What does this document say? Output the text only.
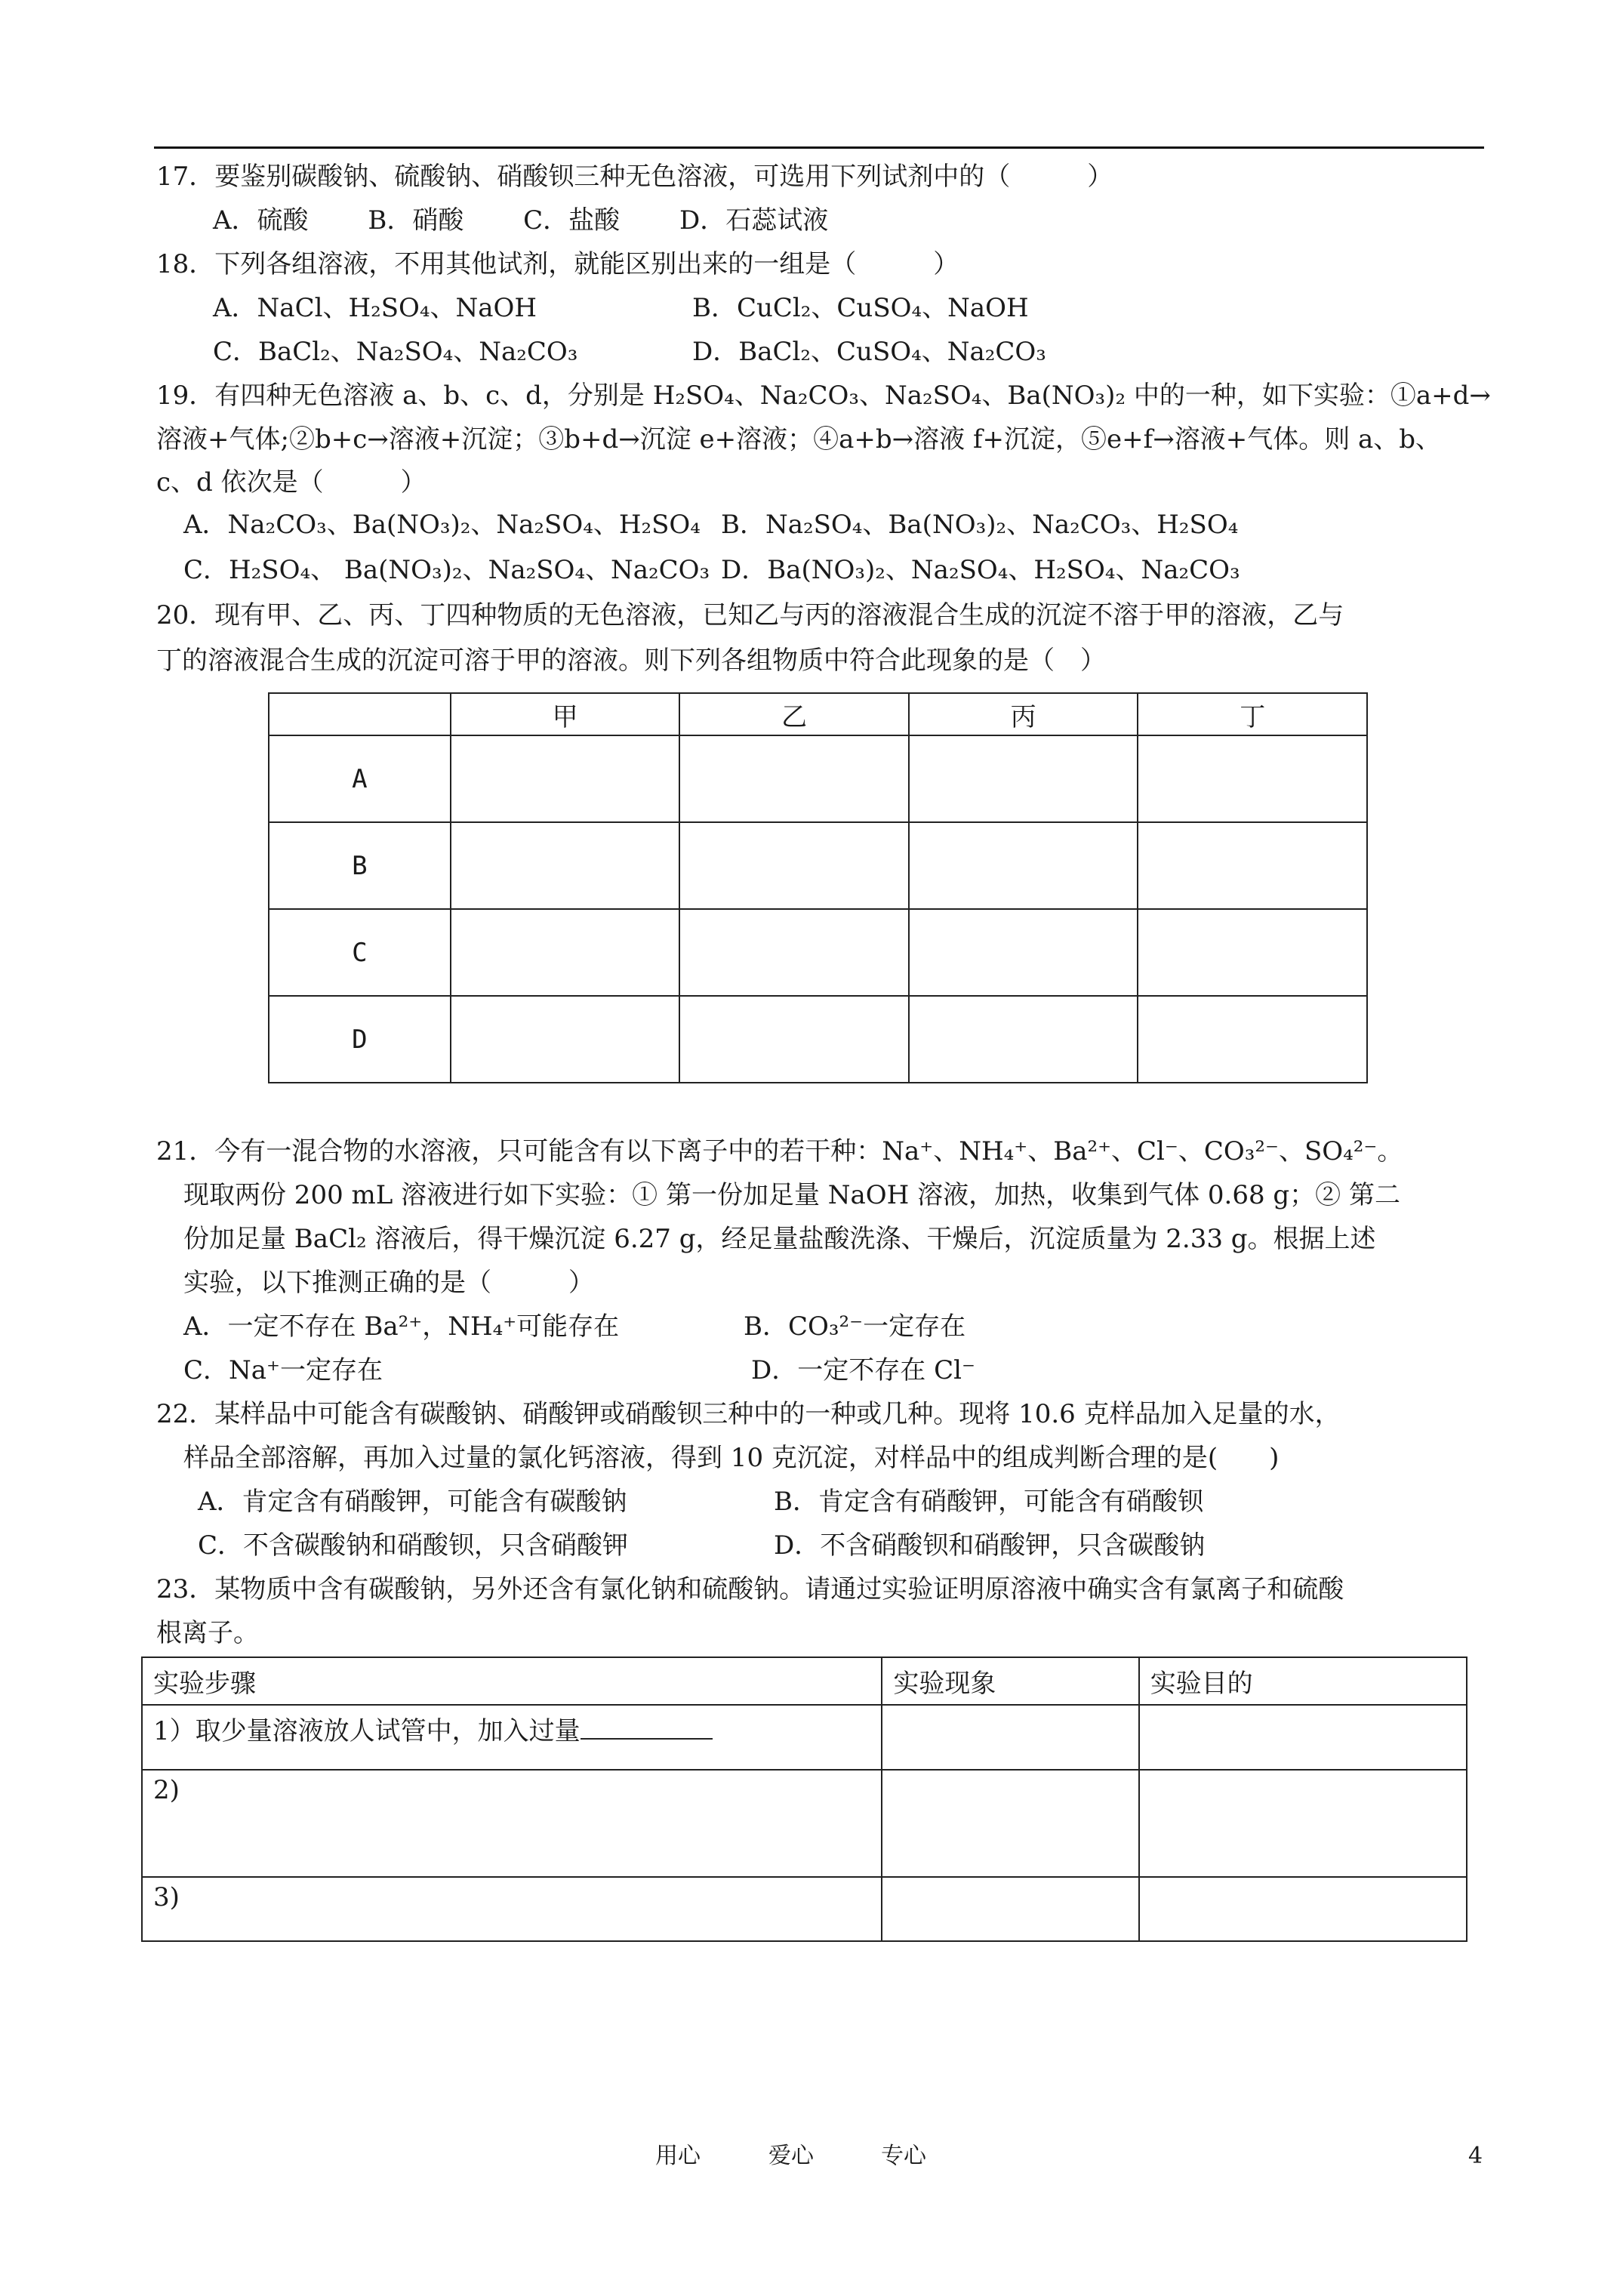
17．要鉴别碳酸钠、硫酸钠、硝酸钡三种无色溶液，可选用下列试剂中的（　　　）
A．硫酸　　 B．硝酸　　 C．盐酸　　 D．石蕊试液
18．下列各组溶液，不用其他试剂，就能区别出来的一组是（　　　）
A．NaCl、H₂SO₄、NaOH	B．CuCl₂、CuSO₄、NaOH
C．BaCl₂、Na₂SO₄、Na₂CO₃	D．BaCl₂、CuSO₄、Na₂CO₃
19．有四种无色溶液 a、b、c、d，分别是 H₂SO₄、Na₂CO₃、Na₂SO₄、Ba(NO₃)₂ 中的一种，如下实验：①a+d→
溶液+气体;②b+c→溶液+沉淀；③b+d→沉淀 e+溶液；④a+b→溶液 f+沉淀，⑤e+f→溶液+气体。则 a、b、
c、d 依次是（　　　）
A．Na₂CO₃、Ba(NO₃)₂、Na₂SO₄、H₂SO₄ B．Na₂SO₄、Ba(NO₃)₂、Na₂CO₃、H₂SO₄
C．H₂SO₄、 Ba(NO₃)₂、Na₂SO₄、Na₂CO₃ D．Ba(NO₃)₂、Na₂SO₄、H₂SO₄、Na₂CO₃
20．现有甲、乙、丙、丁四种物质的无色溶液，已知乙与丙的溶液混合生成的沉淀不溶于甲的溶液，乙与
丁的溶液混合生成的沉淀可溶于甲的溶液。则下列各组物质中符合此现象的是（　）
	甲	乙	丙	丁
A				
B				
C				
D				
21．今有一混合物的水溶液，只可能含有以下离子中的若干种：Na⁺、NH₄⁺、Ba²⁺、Cl⁻、CO₃²⁻、SO₄²⁻。
现取两份 200 mL 溶液进行如下实验：① 第一份加足量 NaOH 溶液，加热，收集到气体 0.68 g；② 第二
份加足量 BaCl₂ 溶液后，得干燥沉淀 6.27 g，经足量盐酸洗涤、干燥后，沉淀质量为 2.33 g。根据上述
实验，以下推测正确的是（　　　）
A．一定不存在 Ba²⁺，NH₄⁺可能存在	B．CO₃²⁻一定存在
C．Na⁺一定存在	D．一定不存在 Cl⁻
22．某样品中可能含有碳酸钠、硝酸钾或硝酸钡三种中的一种或几种。现将 10.6 克样品加入足量的水，
样品全部溶解，再加入过量的氯化钙溶液，得到 10 克沉淀，对样品中的组成判断合理的是(　　)
A．肯定含有硝酸钾，可能含有碳酸钠	B．肯定含有硝酸钾，可能含有硝酸钡
C．不含碳酸钠和硝酸钡，只含硝酸钾	D．不含硝酸钡和硝酸钾，只含碳酸钠
23．某物质中含有碳酸钠，另外还含有氯化钠和硫酸钠。请通过实验证明原溶液中确实含有氯离子和硫酸
根离子。
实验步骤	实验现象	实验目的
1）取少量溶液放人试管中，加入过量		
2)		
3)		
用心	爱心	专心	4
